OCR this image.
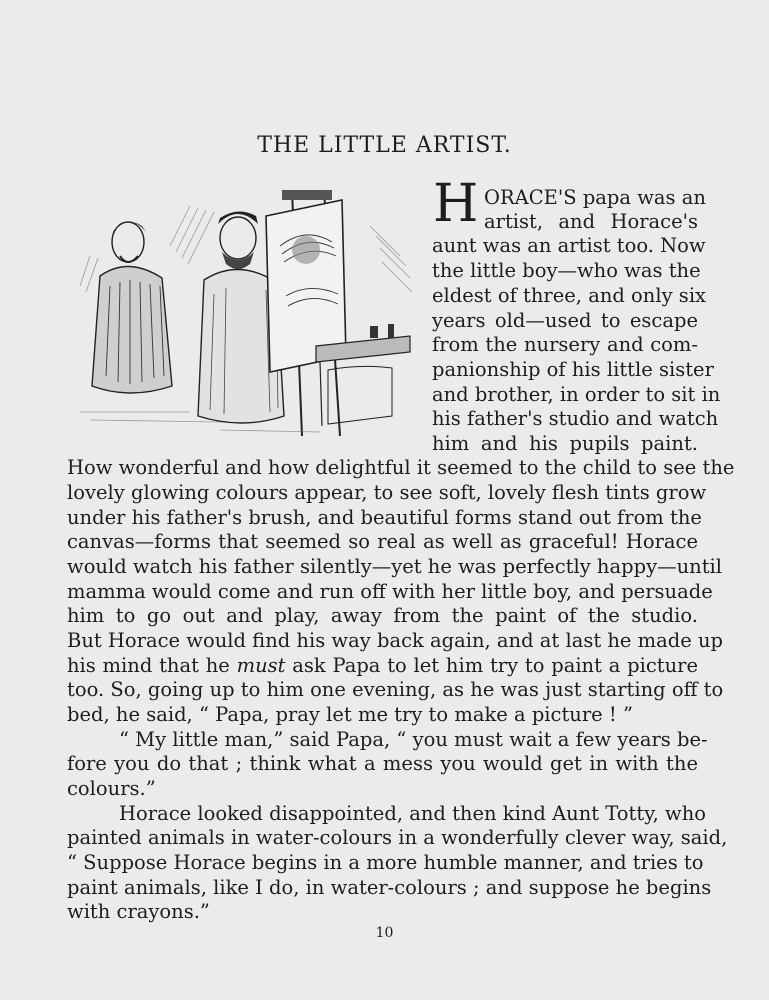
THE LITTLE ARTIST.
H ORACE'S papa was an
artist, and Horace's
aunt was an artist too. Now
the little boy—who was the
eldest of three, and only six
years old—used to escape
from the nursery and com-
panionship of his little sister
and brother, in order to sit in
his father's studio and watch
him and his pupils paint.
How wonderful and how delightful it seemed to the child to see the
lovely glowing colours appear, to see soft, lovely flesh tints grow
under his father's brush, and beautiful forms stand out from the
canvas—forms that seemed so real as well as graceful! Horace
would watch his father silently—yet he was perfectly happy—until
mamma would come and run off with her little boy, and persuade
him to go out and play, away from the paint of the studio.
But Horace would find his way back again, and at last he made up
his mind that he must ask Papa to let him try to paint a picture
too. So, going up to him one evening, as he was just starting off to
bed, he said, “ Papa, pray let me try to make a picture ! ”
“ My little man,” said Papa, “ you must wait a few years be-
fore you do that ; think what a mess you would get in with the
colours.”
Horace looked disappointed, and then kind Aunt Totty, who
painted animals in water-colours in a wonderfully clever way, said,
“ Suppose Horace begins in a more humble manner, and tries to
paint animals, like I do, in water-colours ; and suppose he begins
with crayons.”
10
